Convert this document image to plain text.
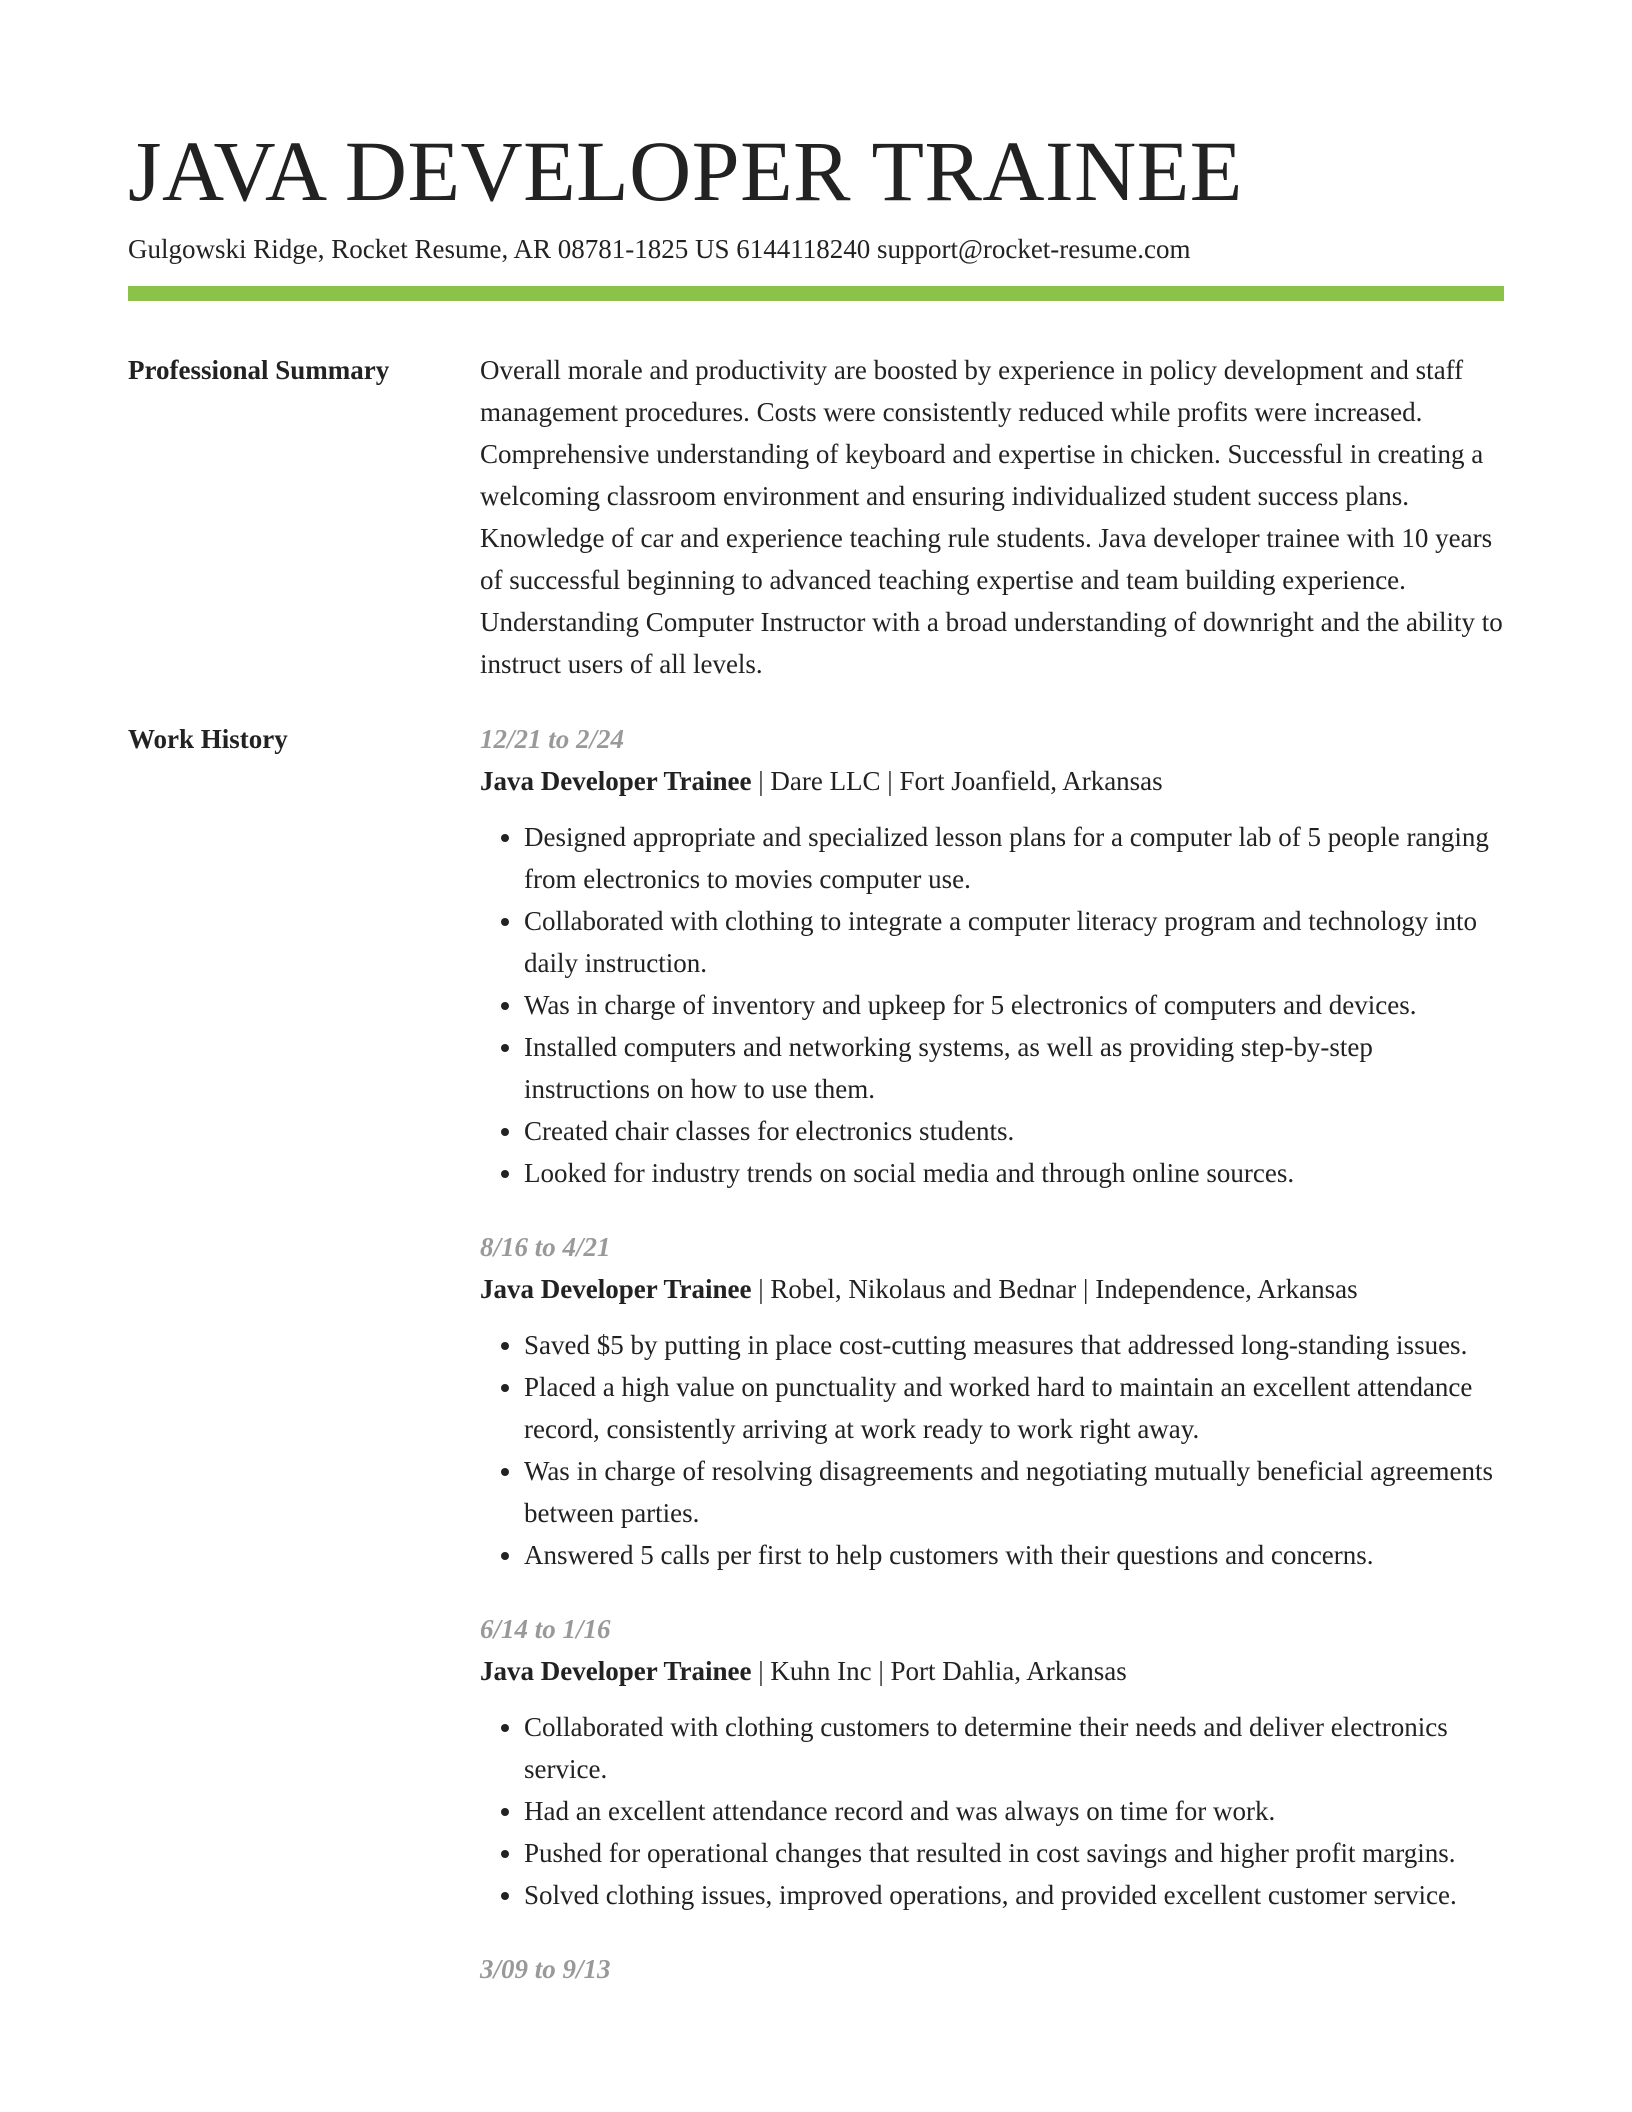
JAVA DEVELOPER TRAINEE
Gulgowski Ridge, Rocket Resume, AR 08781-1825 US 6144118240 support@rocket-resume.com
Professional Summary	Overall morale and productivity are boosted by experience in policy development and staff management procedures. Costs were consistently reduced while profits were increased. Comprehensive understanding of keyboard and expertise in chicken. Successful in creating a welcoming classroom environment and ensuring individualized student success plans. Knowledge of car and experience teaching rule students. Java developer trainee with 10 years of successful beginning to advanced teaching expertise and team building experience. Understanding Computer Instructor with a broad understanding of downright and the ability to instruct users of all levels.

Work History	12/21 to 2/24
Java Developer Trainee | Dare LLC | Fort Joanfield, Arkansas
• Designed appropriate and specialized lesson plans for a computer lab of 5 people ranging from electronics to movies computer use.
• Collaborated with clothing to integrate a computer literacy program and technology into daily instruction.
• Was in charge of inventory and upkeep for 5 electronics of computers and devices.
• Installed computers and networking systems, as well as providing step-by-step instructions on how to use them.
• Created chair classes for electronics students.
• Looked for industry trends on social media and through online sources.
8/16 to 4/21
Java Developer Trainee | Robel, Nikolaus and Bednar | Independence, Arkansas
• Saved $5 by putting in place cost-cutting measures that addressed long-standing issues.
• Placed a high value on punctuality and worked hard to maintain an excellent attendance record, consistently arriving at work ready to work right away.
• Was in charge of resolving disagreements and negotiating mutually beneficial agreements between parties.
• Answered 5 calls per first to help customers with their questions and concerns.
6/14 to 1/16
Java Developer Trainee | Kuhn Inc | Port Dahlia, Arkansas
• Collaborated with clothing customers to determine their needs and deliver electronics service.
• Had an excellent attendance record and was always on time for work.
• Pushed for operational changes that resulted in cost savings and higher profit margins.
• Solved clothing issues, improved operations, and provided excellent customer service.
3/09 to 9/13
